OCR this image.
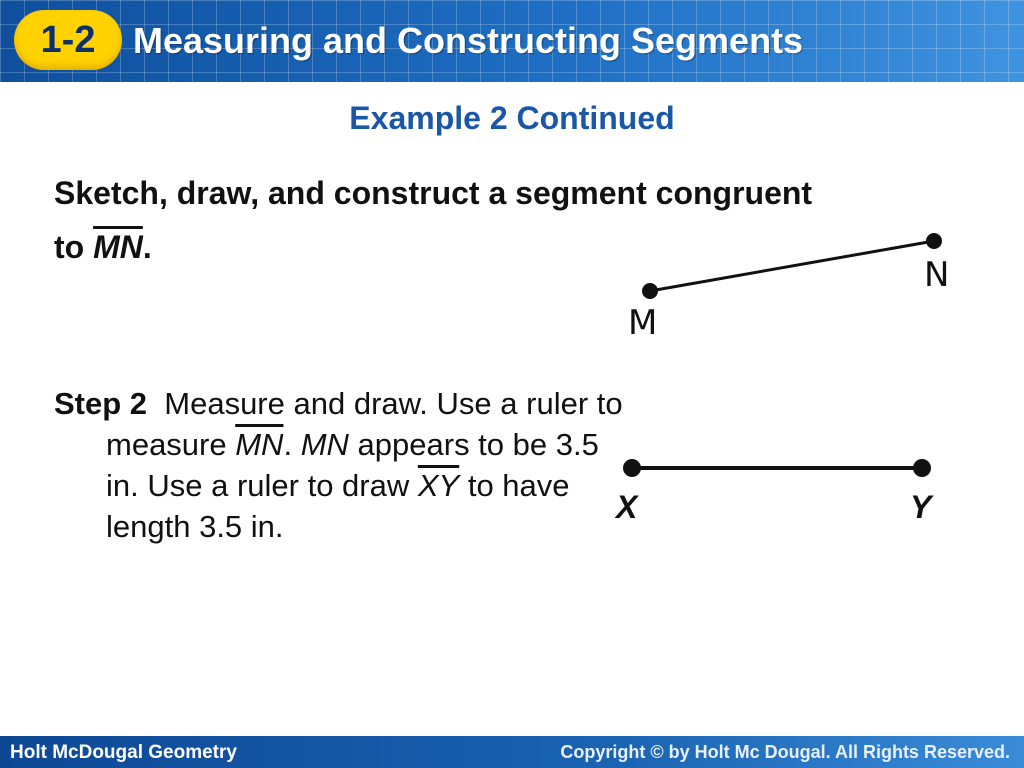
1-2	Measuring and Constructing Segments
Example 2 Continued
Sketch, draw, and construct a segment congruent to $\overline{MN}$.
Step 2 Measure and draw. Use a ruler to measure $\overline{MN}$. MN appears to be 3.5 in. Use a ruler to draw $\overline{XY}$ to have length 3.5 in.
M
N
X	Y
Holt McDougal Geometry	Copyright © by Holt Mc Dougal. All Rights Reserved.
